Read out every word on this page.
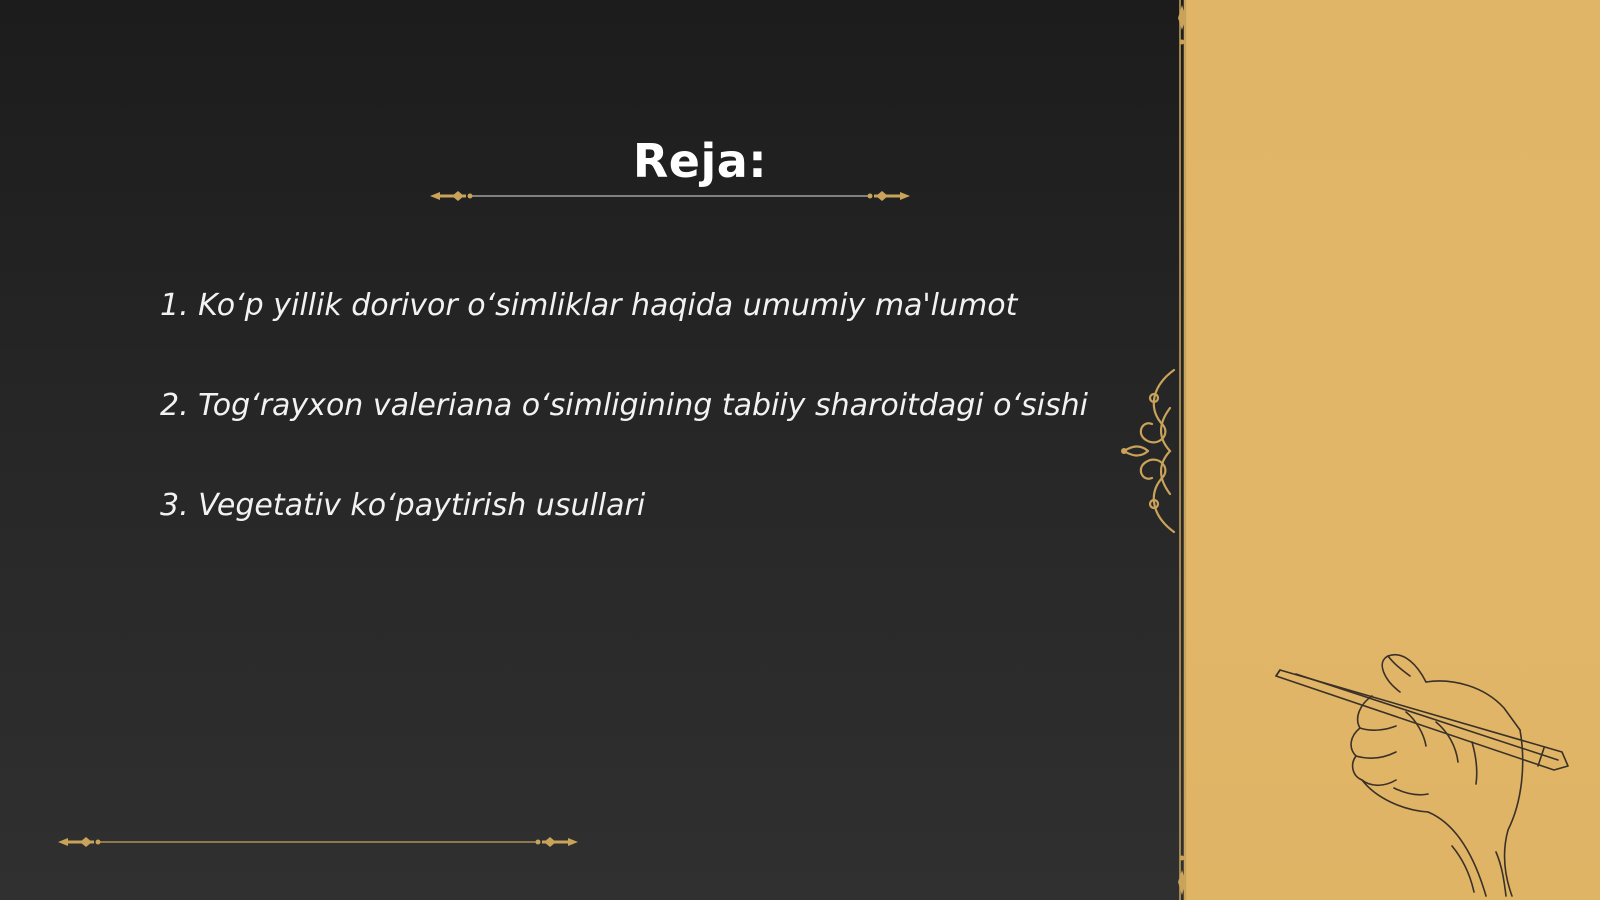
Reja:
1. Ko‘p yillik dorivor o‘simliklar haqida umumiy ma'lumot
2. Tog‘rayxon valeriana o‘simligining tabiiy sharoitdagi o‘sishi
3. Vegetativ ko‘paytirish usullari
